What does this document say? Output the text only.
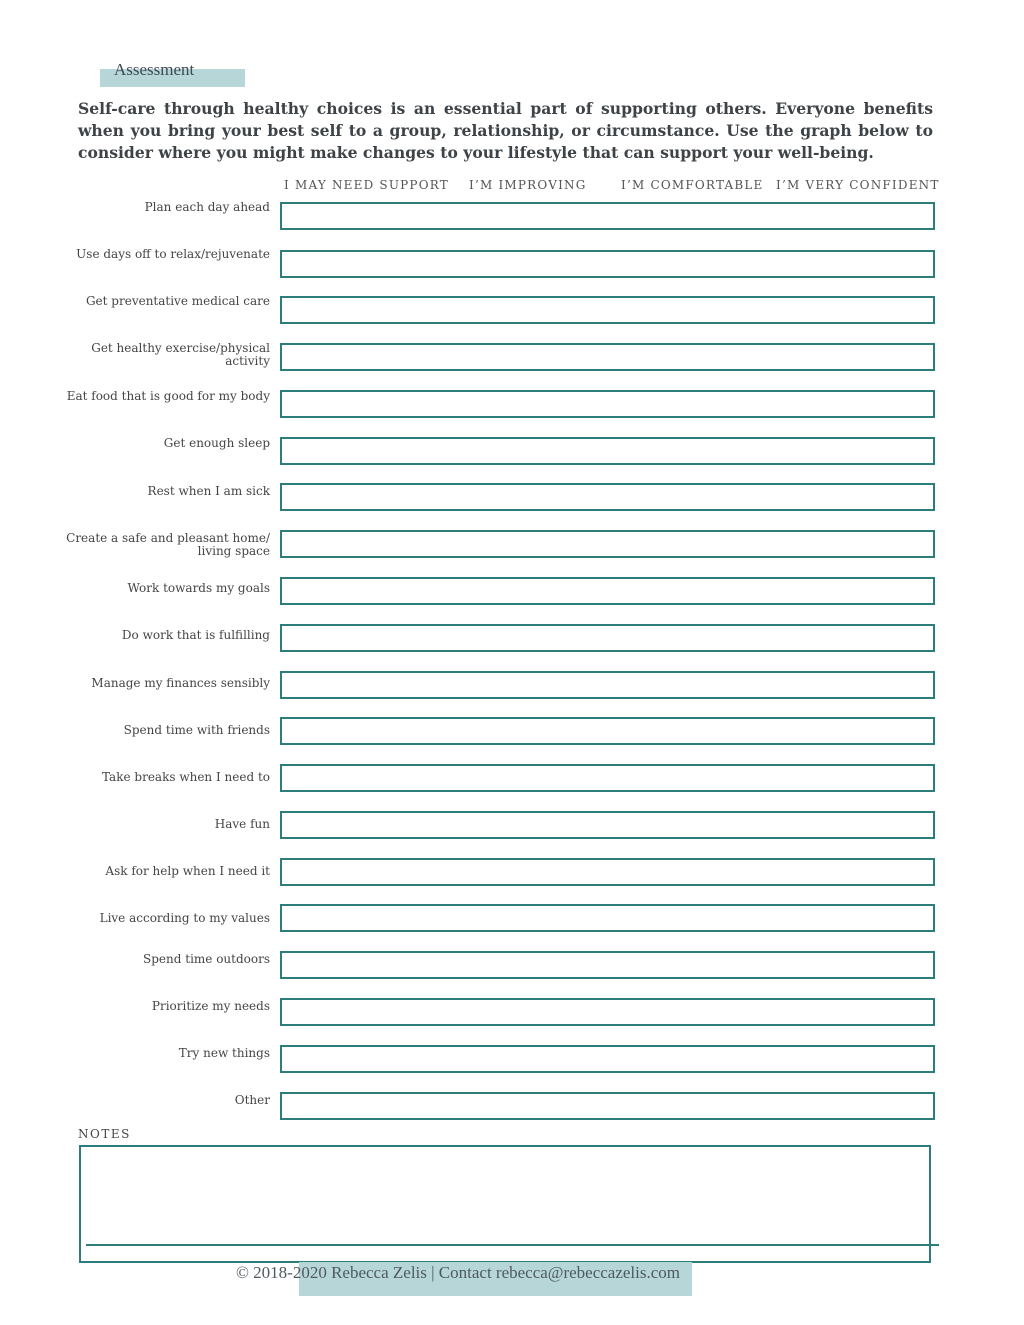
Assessment
Self-care through healthy choices is an essential part of supporting others. Everyone benefits when you bring your best self to a group, relationship, or circumstance. Use the graph below to consider where you might make changes to your lifestyle that can support your well-being.
I MAY NEED SUPPORT I’M IMPROVING	I’M COMFORTABLE I’M VERY CONFIDENT
Plan each day ahead
Use days off to relax/rejuvenate
Get preventative medical care
Get healthy exercise/physical activity
Eat food that is good for my body
Get enough sleep
Rest when I am sick
Create a safe and pleasant home/ living space
Work towards my goals
Do work that is fulfilling
Manage my finances sensibly
Spend time with friends
Take breaks when I need to
Have fun
Ask for help when I need it
Live according to my values
Spend time outdoors
Prioritize my needs
Try new things
Other
NOTES
© 2018-2020 Rebecca Zelis | Contact rebecca@rebeccazelis.com
